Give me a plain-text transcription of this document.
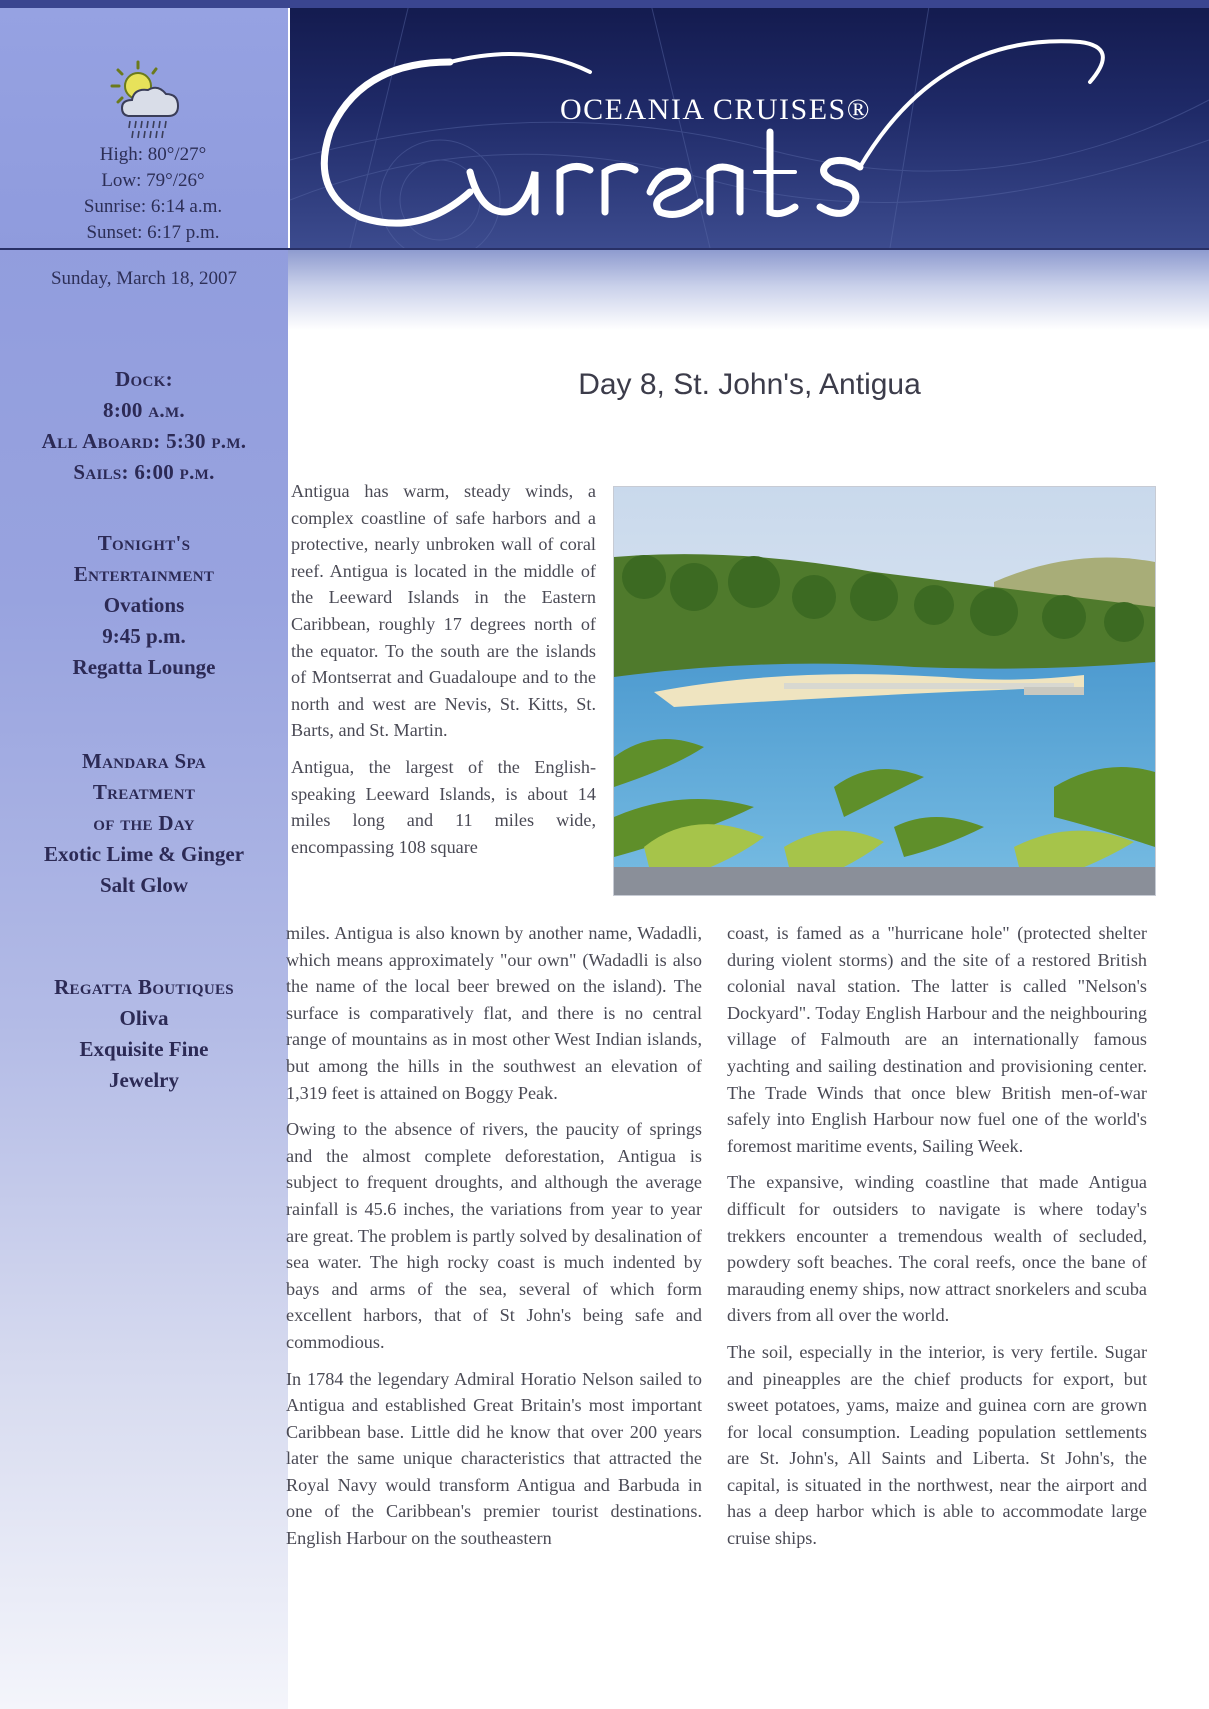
High: 80°/27°
Low: 79°/26°
Sunrise: 6:14 a.m.
Sunset: 6:17 p.m.
Sunday, March 18, 2007
Dock:
8:00 a.m.
All Aboard: 5:30 p.m.
Sails: 6:00 p.m.
Tonight's
Entertainment
Ovations
9:45 p.m.
Regatta Lounge
Mandara Spa
Treatment
of the Day
Exotic Lime & Ginger
Salt Glow
Regatta Boutiques
Oliva
Exquisite Fine
Jewelry
OCEANIA CRUISES®
Day 8, St. John's, Antigua

Antigua has warm, steady winds, a complex coastline of safe harbors and a protective, nearly unbroken wall of coral reef. Antigua is located in the middle of the Leeward Islands in the Eastern Caribbean, roughly 17 degrees north of the equator. To the south are the islands of Montserrat and Guadaloupe and to the north and west are Nevis, St. Kitts, St. Barts, and St. Martin.

Antigua, the largest of the English-speaking Leeward Islands, is about 14 miles long and 11 miles wide, encompassing 108 square

miles. Antigua is also known by another name, Wadadli, which means approximately "our own" (Wadadli is also the name of the local beer brewed on the island). The surface is comparatively flat, and there is no central range of mountains as in most other West Indian islands, but among the hills in the southwest an elevation of 1,319 feet is attained on Boggy Peak.

Owing to the absence of rivers, the paucity of springs and the almost complete deforestation, Antigua is subject to frequent droughts, and although the average rainfall is 45.6 inches, the variations from year to year are great. The problem is partly solved by desalination of sea water. The high rocky coast is much indented by bays and arms of the sea, several of which form excellent harbors, that of St John's being safe and commodious.

In 1784 the legendary Admiral Horatio Nelson sailed to Antigua and established Great Britain's most important Caribbean base. Little did he know that over 200 years later the same unique characteristics that attracted the Royal Navy would transform Antigua and Barbuda in one of the Caribbean's premier tourist destinations. English Harbour on the southeastern

coast, is famed as a "hurricane hole" (protected shelter during violent storms) and the site of a restored British colonial naval station. The latter is called "Nelson's Dockyard". Today English Harbour and the neighbouring village of Falmouth are an internationally famous yachting and sailing destination and provisioning center. The Trade Winds that once blew British men-of-war safely into English Harbour now fuel one of the world's foremost maritime events, Sailing Week.

The expansive, winding coastline that made Antigua difficult for outsiders to navigate is where today's trekkers encounter a tremendous wealth of secluded, powdery soft beaches. The coral reefs, once the bane of marauding enemy ships, now attract snorkelers and scuba divers from all over the world.

The soil, especially in the interior, is very fertile. Sugar and pineapples are the chief products for export, but sweet potatoes, yams, maize and guinea corn are grown for local consumption. Leading population settlements are St. John's, All Saints and Liberta. St John's, the capital, is situated in the northwest, near the airport and has a deep harbor which is able to accommodate large cruise ships.
